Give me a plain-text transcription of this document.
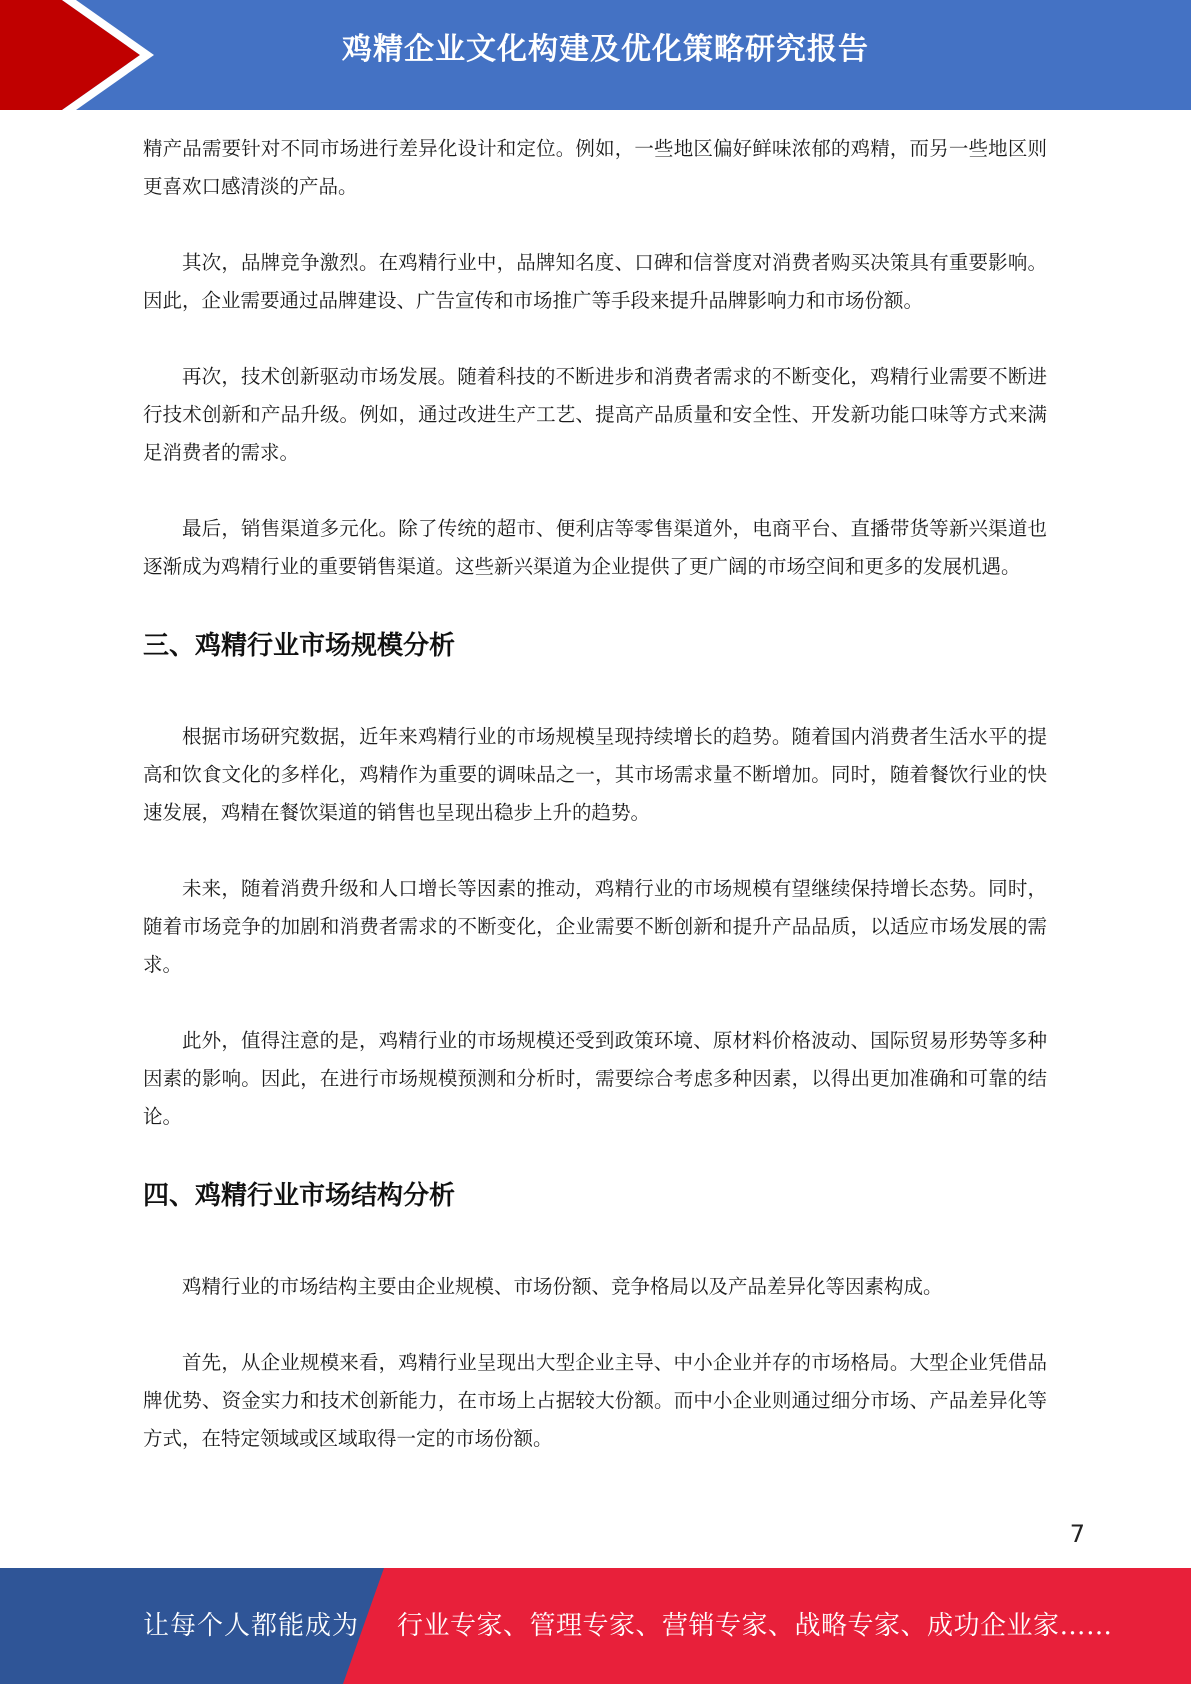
鸡精企业文化构建及优化策略研究报告

精产品需要针对不同市场进行差异化设计和定位。例如，一些地区偏好鲜味浓郁的鸡精，而另一些地区则更喜欢口感清淡的产品。

其次，品牌竞争激烈。在鸡精行业中，品牌知名度、口碑和信誉度对消费者购买决策具有重要影响。因此，企业需要通过品牌建设、广告宣传和市场推广等手段来提升品牌影响力和市场份额。

再次，技术创新驱动市场发展。随着科技的不断进步和消费者需求的不断变化，鸡精行业需要不断进行技术创新和产品升级。例如，通过改进生产工艺、提高产品质量和安全性、开发新功能口味等方式来满足消费者的需求。

最后，销售渠道多元化。除了传统的超市、便利店等零售渠道外，电商平台、直播带货等新兴渠道也逐渐成为鸡精行业的重要销售渠道。这些新兴渠道为企业提供了更广阔的市场空间和更多的发展机遇。

三、鸡精行业市场规模分析

根据市场研究数据，近年来鸡精行业的市场规模呈现持续增长的趋势。随着国内消费者生活水平的提高和饮食文化的多样化，鸡精作为重要的调味品之一，其市场需求量不断增加。同时，随着餐饮行业的快速发展，鸡精在餐饮渠道的销售也呈现出稳步上升的趋势。

未来，随着消费升级和人口增长等因素的推动，鸡精行业的市场规模有望继续保持增长态势。同时，随着市场竞争的加剧和消费者需求的不断变化，企业需要不断创新和提升产品品质，以适应市场发展的需求。

此外，值得注意的是，鸡精行业的市场规模还受到政策环境、原材料价格波动、国际贸易形势等多种因素的影响。因此，在进行市场规模预测和分析时，需要综合考虑多种因素，以得出更加准确和可靠的结论。

四、鸡精行业市场结构分析

鸡精行业的市场结构主要由企业规模、市场份额、竞争格局以及产品差异化等因素构成。

首先，从企业规模来看，鸡精行业呈现出大型企业主导、中小企业并存的市场格局。大型企业凭借品牌优势、资金实力和技术创新能力，在市场上占据较大份额。而中小企业则通过细分市场、产品差异化等方式，在特定领域或区域取得一定的市场份额。

7
让每个人都能成为 行业专家、管理专家、营销专家、战略专家、成功企业家……
